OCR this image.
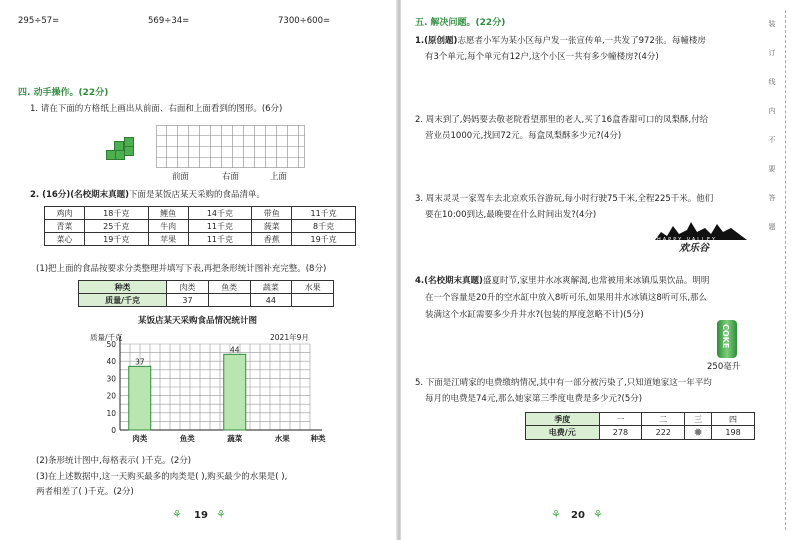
295÷57=	569÷34=	7300÷600=
四. 动手操作。(22分)
1. 请在下面的方格纸上画出从前面、右面和上面看到的图形。(6分)
前面	右面	上面
2. (16分)(名校期末真题)下面是某饭店某天采购的食品清单。
鸡肉	18千克	鲤鱼	14千克	带鱼	11千克
青菜	25千克	牛肉	11千克	菠菜	8千克
菜心	19千克	苹果	11千克	香蕉	19千克
(1)把上面的食品按要求分类整理并填写下表,再把条形统计图补充完整。(8分)
种类	肉类	鱼类	蔬菜	水果
质量/千克	37		44	
某饭店某天采购食品情况统计图
质量/千克	2021年9月
0
10
20
30
40
50
37
肉类	鱼类
44
蔬菜	水果	种类
(2)条形统计图中,每格表示( )千克。(2分)
(3)在上述数据中,这一天购买最多的肉类是( ),购买最少的水果是( ),
两者相差了( )千克。(2分)
⚘ 19 ⚘
五. 解决问题。(22分)
1.(原创题)志愿者小军为某小区每户发一张宣传单,一共发了972张。每幢楼房
有3个单元,每个单元有12户,这个小区一共有多少幢楼房?(4分)
2. 周末到了,妈妈要去敬老院看望那里的老人,买了16盒香甜可口的凤梨酥,付给
营业员1000元,找回72元。每盒凤梨酥多少元?(4分)
3. 周末灵灵一家驾车去北京欢乐谷游玩,每小时行驶75千米,全程225千米。他们
要在10:00到达,最晚要在什么时间出发?(4分)
HAPPY VALLEY
欢乐谷
4.(名校期末真题)盛夏时节,家里井水冰爽解渴,也常被用来冰镇瓜果饮品。明明
在一个容量是20升的空水缸中放入8听可乐,如果用井水冰镇这8听可乐,那么
装满这个水缸需要多少升井水?(包装的厚度忽略不计)(5分)
COKE
250毫升
5. 下面是江晴家的电费缴纳情况,其中有一部分被污染了,只知道她家这一年平均
每月的电费是74元,那么她家第三季度电费是多少元?(5分)
季度	一	二	三	四
电费/元	278	222	✹	198
装订线内不要答题
⚘ 20 ⚘
